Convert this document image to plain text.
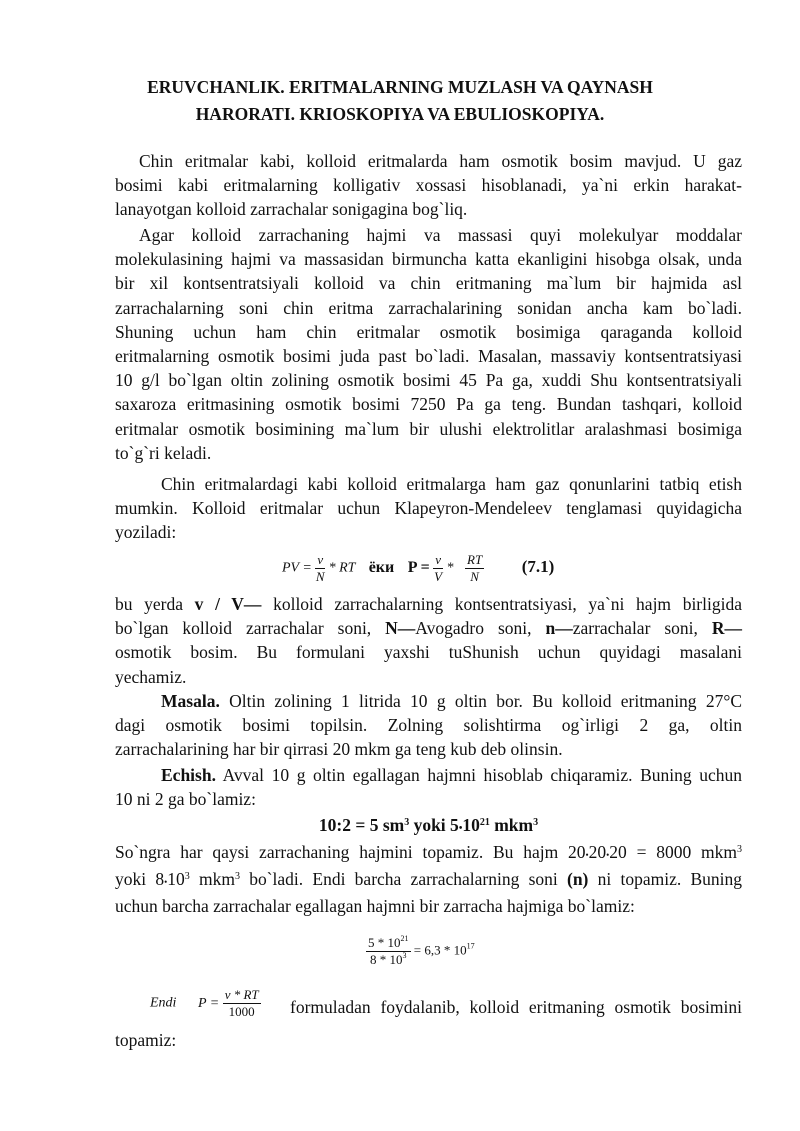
ERUVCHANLIK. ERITMALARNING MUZLASH VA QAYNASH
HARORATI. KRIOSKOPIYA VA EBULIOSKOPIYA.
Chin eritmalar kabi, kolloid eritmalarda ham osmotik bosim mavjud. U gaz
bosimi kabi eritmalarning kolligativ xossasi hisoblanadi, ya`ni erkin harakat-
lanayotgan kolloid zarrachalar sonigagina bog`liq.
Agar kolloid zarrachaning hajmi va massasi quyi molekulyar moddalar
molekulasining hajmi va massasidan birmuncha katta ekanligini hisobga olsak, unda
bir xil kontsentratsiyali kolloid va chin eritmaning ma`lum bir hajmida asl
zarrachalarning soni chin eritma zarrachalarining sonidan ancha kam bo`ladi.
Shuning uchun ham chin eritmalar osmotik bosimiga qaraganda kolloid
eritmalarning osmotik bosimi juda past bo`ladi. Masalan, massaviy kontsentratsiyasi
10 g/l bo`lgan oltin zolining osmotik bosimi 45 Pa ga, xuddi Shu kontsentratsiyali
saxaroza eritmasining osmotik bosimi 7250 Pa ga teng. Bundan tashqari, kolloid
eritmalar osmotik bosimining ma`lum bir ulushi elektrolitlar aralashmasi bosimiga
to`g`ri keladi.
Chin eritmalardagi kabi kolloid eritmalarga ham gaz qonunlarini tatbiq etish
mumkin. Kolloid eritmalar uchun Klapeyron-Mendeleev tenglamasi quyidagicha
yoziladi:
PV = $\frac{v}{N}$ * RT ёки $P = \frac{v}{V} * \frac{RT}{N} (7.1)$
bu yerda v / V— kolloid zarrachalarning kontsentratsiyasi, ya`ni hajm birligida
bo`lgan kolloid zarrachalar soni, N—Avogadro soni, n—zarrachalar soni, R—
osmotik bosim. Bu formulani yaxshi tuShunish uchun quyidagi masalani
yechamiz.
Masala. Oltin zolining 1 litrida 10 g oltin bor. Bu kolloid eritmaning 27°C
dagi osmotik bosimi topilsin. Zolning solishtirma og`irligi 2 ga, oltin
zarrachalarining har bir qirrasi 20 mkm ga teng kub deb olinsin.
Echish. Avval 10 g oltin egallagan hajmni hisoblab chiqaramiz. Buning uchun
10 ni 2 ga bo`lamiz:
10:2 = 5 $sm^3$ yoki $5•10^{21}$ mkm$^3$
So`ngra har qaysi zarrachaning hajmini topamiz. Bu hajm 20•20•20 = 8000 mkm$^3$
yoki $8•10^3$ mkm$^3$ bo`ladi. Endi barcha zarrachalarning soni (n) ni topamiz. Buning
uchun barcha zarrachalar egallagan hajmni bir zarracha hajmiga bo`lamiz:
$\frac{5 * 10^{21}}{8 * 10^3} = 6,3 * 10^{17}$
Endi $P = \frac{v * RT}{1000}$ formuladan foydalanib, kolloid eritmaning osmotik bosimini
topamiz:
